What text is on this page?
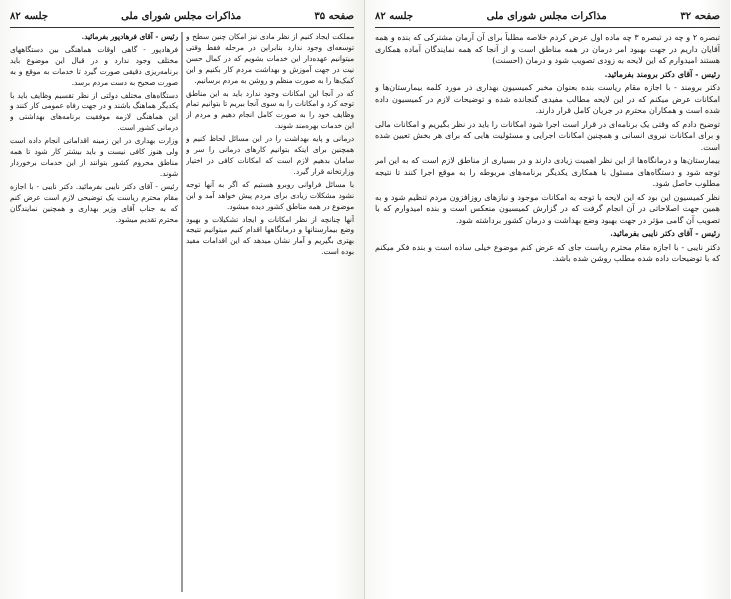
صفحه ۳۵
مذاکرات مجلس شورای ملی
جلسه ۸۲

مملکت ایجاد کنیم از نظر مادی نیز امکان چنین سطح و توسعه‌ای وجود ندارد بنابراین در مرحله فقط وقتی میتوانیم عهده‌دار این خدمات بشویم که در کمال حسن نیت در جهت آموزش و بهداشت مردم کار بکنیم و این کمک‌ها را به صورت منظم و روشن به مردم برسانیم.

که در آنجا این امکانات وجود ندارد باید به این مناطق توجه کرد و امکانات را به سوی آنجا ببریم تا بتوانیم تمام وظایف خود را به صورت کامل انجام دهیم و مردم از این خدمات بهره‌مند شوند.

درمانی و پایه بهداشت را در این مسائل لحاظ کنیم و همچنین برای اینکه بتوانیم کارهای درمانی را سر و سامان بدهیم لازم است که امکانات کافی در اختیار وزارتخانه قرار گیرد.

با مسائل فراوانی روبرو هستیم که اگر به آنها توجه نشود مشکلات زیادی برای مردم پیش خواهد آمد و این موضوع در همه مناطق کشور دیده میشود.

آنها چنانچه از نظر امکانات و ایجاد تشکیلات و بهبود وضع بیمارستانها و درمانگاهها اقدام کنیم میتوانیم نتیجه بهتری بگیریم و آمار نشان میدهد که این اقدامات مفید بوده است.

رئیس - آقای فرهادپور بفرمائید.

فرهادپور - گاهی اوقات هماهنگی بین دستگاههای مختلف وجود ندارد و در قبال این موضوع باید برنامه‌ریزی دقیقی صورت گیرد تا خدمات به موقع و به صورت صحیح به دست مردم برسد.

دستگاه‌های مختلف دولتی از نظر تقسیم وظایف باید با یکدیگر هماهنگ باشند و در جهت رفاه عمومی کار کنند و این هماهنگی لازمه موفقیت برنامه‌های بهداشتی و درمانی کشور است.

وزارت بهداری در این زمینه اقداماتی انجام داده است ولی هنوز کافی نیست و باید بیشتر کار شود تا همه مناطق محروم کشور بتوانند از این خدمات برخوردار شوند.

رئیس - آقای دکتر نایبی بفرمائید. دکتر نایبی - با اجازه مقام محترم ریاست یک توضیحی لازم است عرض کنم که به جناب آقای وزیر بهداری و همچنین نمایندگان محترم تقدیم میشود.

صفحه ۳۲
مذاکرات مجلس شورای ملی
جلسه ۸۲

تبصره ۲ و چه در تبصره ۳ چه ماده اول عرض کردم خلاصه مطلباً برای آن آرمان مشترکی که بنده و همه آقایان داریم در جهت بهبود امر درمان در همه مناطق است و از آنجا که همه نمایندگان آماده همکاری هستند امیدوارم که این لایحه به زودی تصویب شود و درمان (احسنت)

رئیس - آقای دکتر برومند بفرمائید.

دکتر برومند - با اجازه مقام ریاست بنده بعنوان مخبر کمیسیون بهداری در مورد کلمه بیمارستان‌ها و امکانات عرض میکنم که در این لایحه مطالب مفیدی گنجانده شده و توضیحات لازم در کمیسیون داده شده است و همکاران محترم در جریان کامل قرار دارند.

توضیح دادم که وقتی یک برنامه‌ای در قرار است اجرا شود امکانات را باید در نظر بگیریم و امکانات مالی و برای امکانات نیروی انسانی و همچنین امکانات اجرایی و مسئولیت هایی که برای هر بخش تعیین شده است.

بیمارستان‌ها و درمانگاه‌ها از این نظر اهمیت زیادی دارند و در بسیاری از مناطق لازم است که به این امر توجه شود و دستگاه‌های مسئول با همکاری یکدیگر برنامه‌های مربوطه را به موقع اجرا کنند تا نتیجه مطلوب حاصل شود.

نظر کمیسیون این بود که این لایحه با توجه به امکانات موجود و نیازهای روزافزون مردم تنظیم شود و به همین جهت اصلاحاتی در آن انجام گرفت که در گزارش کمیسیون منعکس است و بنده امیدوارم که با تصویب آن گامی مؤثر در جهت بهبود وضع بهداشت و درمان کشور برداشته شود.

رئیس - آقای دکتر نایبی بفرمائید.

دکتر نایبی - با اجازه مقام محترم ریاست جای که عرض کنم موضوع خیلی ساده است و بنده فکر میکنم که با توضیحات داده شده مطلب روشن شده باشد.
